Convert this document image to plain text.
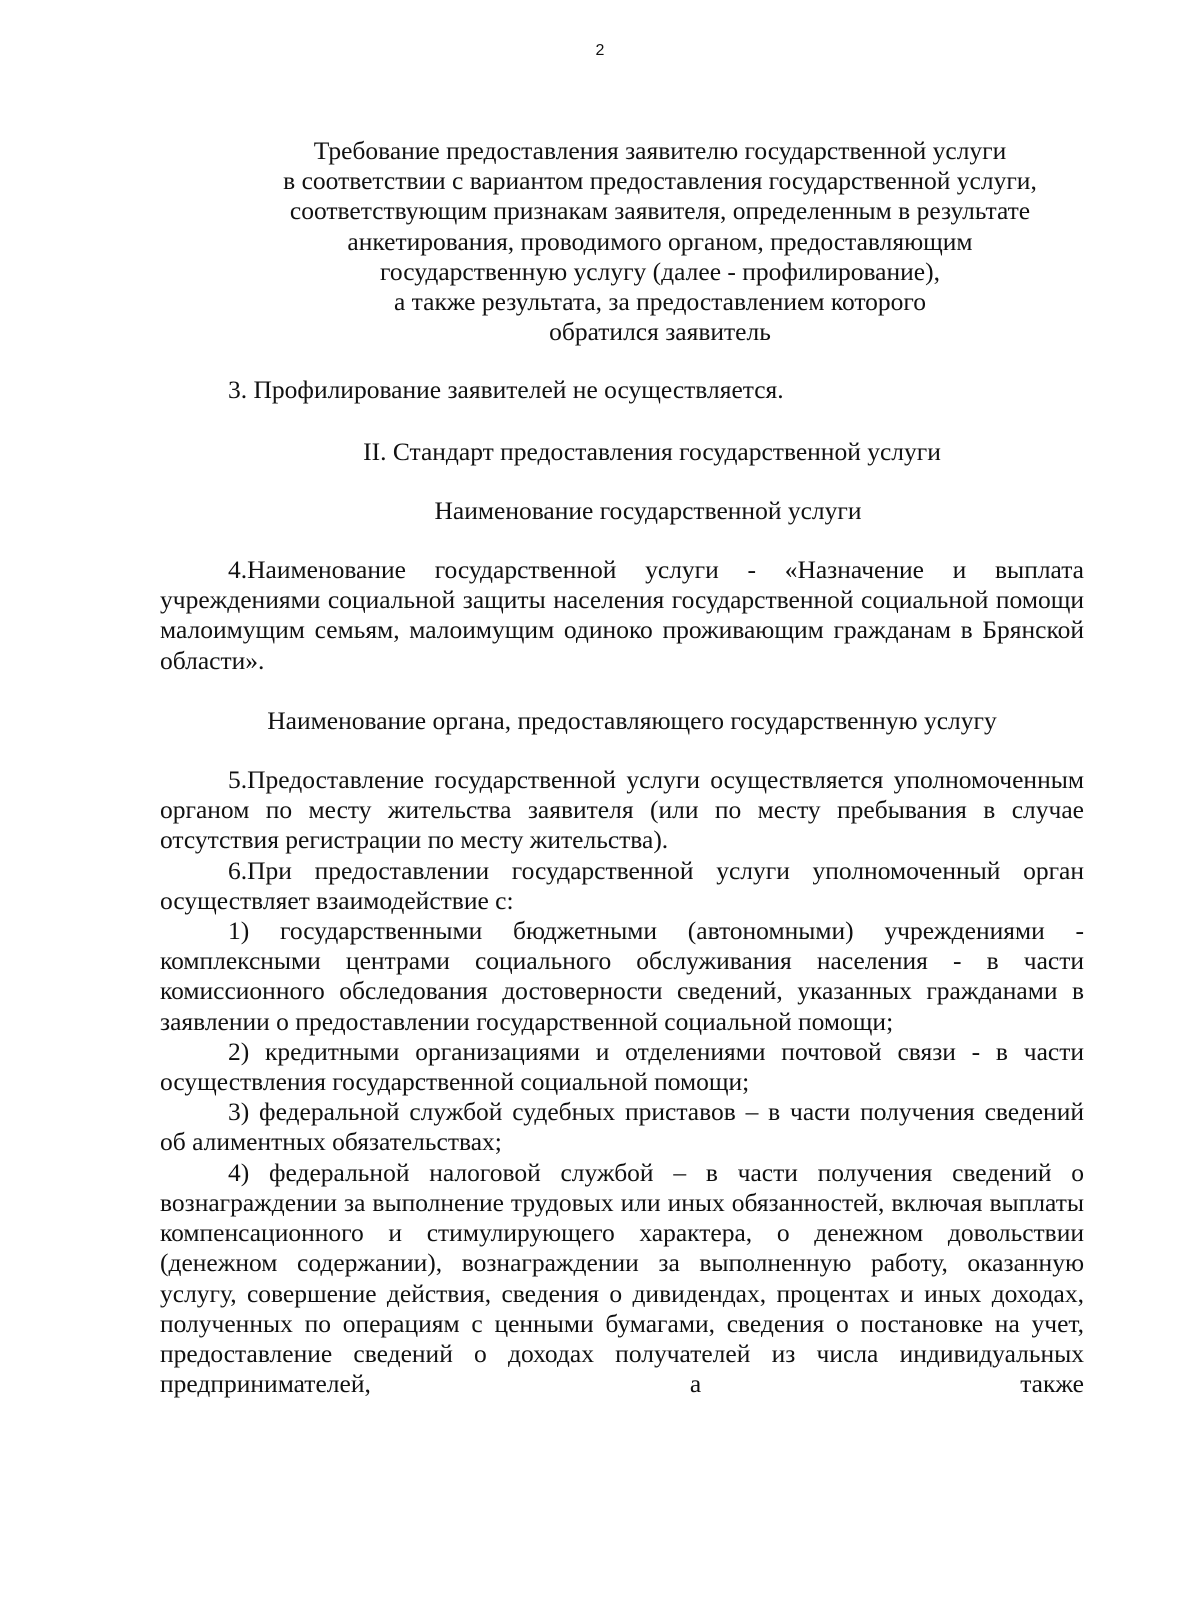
2
Требование предоставления заявителю государственной услуги
в соответствии с вариантом предоставления государственной услуги,
соответствующим признакам заявителя, определенным в результате
анкетирования, проводимого органом, предоставляющим
государственную услугу (далее - профилирование),
а также результата, за предоставлением которого
обратился заявитель

3. Профилирование заявителей не осуществляется.

II. Стандарт предоставления государственной услуги

Наименование государственной услуги

4.Наименование государственной услуги - «Назначение и выплата учреждениями социальной защиты населения государственной социальной помощи малоимущим семьям, малоимущим одиноко проживающим гражданам в Брянской области».

Наименование органа, предоставляющего государственную услугу

5.Предоставление государственной услуги осуществляется уполномоченным органом по месту жительства заявителя (или по месту пребывания в случае отсутствия регистрации по месту жительства).

6.При предоставлении государственной услуги уполномоченный орган осуществляет взаимодействие с:

1) государственными бюджетными (автономными) учреждениями - комплексными центрами социального обслуживания населения - в части комиссионного обследования достоверности сведений, указанных гражданами в заявлении о предоставлении государственной социальной помощи;

2) кредитными организациями и отделениями почтовой связи - в части осуществления государственной социальной помощи;

3) федеральной службой судебных приставов – в части получения сведений об алиментных обязательствах;

4) федеральной налоговой службой – в части получения сведений о вознаграждении за выполнение трудовых или иных обязанностей, включая выплаты компенсационного и стимулирующего характера, о денежном довольствии (денежном содержании), вознаграждении за выполненную работу, оказанную услугу, совершение действия, сведения о дивидендах, процентах и иных доходах, полученных по операциям с ценными бумагами, сведения о постановке на учет, предоставление сведений о доходах получателей из числа индивидуальных предпринимателей, а также
